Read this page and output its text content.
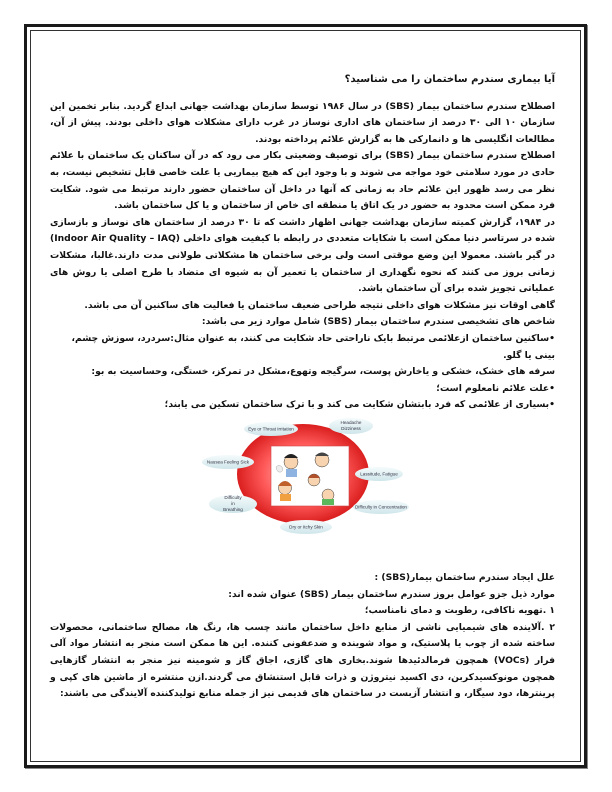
آیا بیماری سندرم ساختمان را می شناسید؟

اصطلاح سندرم ساختمان بیمار (SBS) در سال ۱۹۸۶ توسط سازمان بهداشت جهانی ابداع گردید. بنابر تخمین این سازمان ۱۰ الی ۳۰ درصد از ساختمان های اداری نوساز در غرب دارای مشکلات هوای داخلی بودند. پیش از آن، مطالعات انگلیسی ها و دانمارکی ها به گزارش علائم پرداخته بودند.

اصطلاح سندرم ساختمان بیمار (SBS) برای توصیف وضعیتی بکار می رود که در آن ساکنان یک ساختمان با علائم حادی در مورد سلامتی خود مواجه می شوند و با وجود این که هیچ بیماریی یا علت خاصی قابل تشخیص نیست، به نظر می رسد ظهور این علائم حاد به زمانی که آنها در داخل آن ساختمان حضور دارند مرتبط می شود. شکایت فرد ممکن است محدود به حضور در یک اتاق یا منطقه ای خاص از ساختمان و یا کل ساختمان باشد.

در ۱۹۸۴، گزارش کمیته سازمان بهداشت جهانی اظهار داشت که تا ۳۰ درصد از ساختمان های نوساز و بازسازی شده در سرتاسر دنیا ممکن است با شکایات متعددی در رابطه با کیفیت هوای داخلی (Indoor Air Quality – IAQ) در گیر باشند. معمولا این وضع موقتی است ولی برخی ساختمان ها مشکلاتی طولانی مدت دارند.غالبا، مشکلات زمانی بروز می کنند که نحوه نگهداری از ساختمان یا تعمیر آن به شیوه ای متضاد با طرح اصلی یا روش های عملیاتی تجویز شده برای آن ساختمان باشد.

گاهی اوقات نیز مشکلات هوای داخلی نتیجه طراحی ضعیف ساختمان یا فعالیت های ساکنین آن می باشد.

شاخص های تشخیصی سندرم ساختمان بیمار (SBS) شامل موارد زیر می باشد:

•ساکنین ساختمان ازعلائمی مرتبط بایک ناراحتی حاد شکایت می کنند، به عنوان مثال:سردرد، سوزش چشم، بینی یا گلو.

سرفه های خشک، خشکی و یاخارش پوست، سرگیجه وتهوع،مشکل در تمرکز، خستگی، وحساسیت به بو:

•علت علائم نامعلوم است؛

•بسیاری از علائمی که فرد بابتشان شکایت می کند و با ترک ساختمان تسکین می یابند؛

Eye or Throat Irritation
Headache
Dizziness
Nausea Feeling Sick
Lassitude, Fatigue
Difficulty
in
Breathing	Difficulty in Concentration
Dry or Itchy Skin

علل ایجاد سندرم ساختمان بیمار(SBS) :

موارد ذیل جزو عوامل بروز سندرم ساختمان بیمار (SBS) عنوان شده اند:

۱ .تهویه ناکافی، رطوبت و دمای نامناسب؛

۲ .آلاینده های شیمیایی ناشی از منابع داخل ساختمان مانند چسب ها، رنگ ها، مصالح ساختمانی، محصولات ساخته شده از چوب یا پلاستیک، و مواد شوینده و ضدعفونی کننده. این ها ممکن است منجر به انتشار مواد آلی فرار (VOCs) همچون فرمالدئیدها شوند.بخاری های گازی، اجاق گاز و شومینه نیز منجر به انتشار گازهایی همچون مونوکسیدکربن، دی اکسید نیتروژن و ذرات قابل استنشاق می گردند.ازن منتشره از ماشین های کپی و پرینترها، دود سیگار، و انتشار آزبست در ساختمان های قدیمی نیز از جمله منابع تولیدکننده آلایندگی می باشند:
